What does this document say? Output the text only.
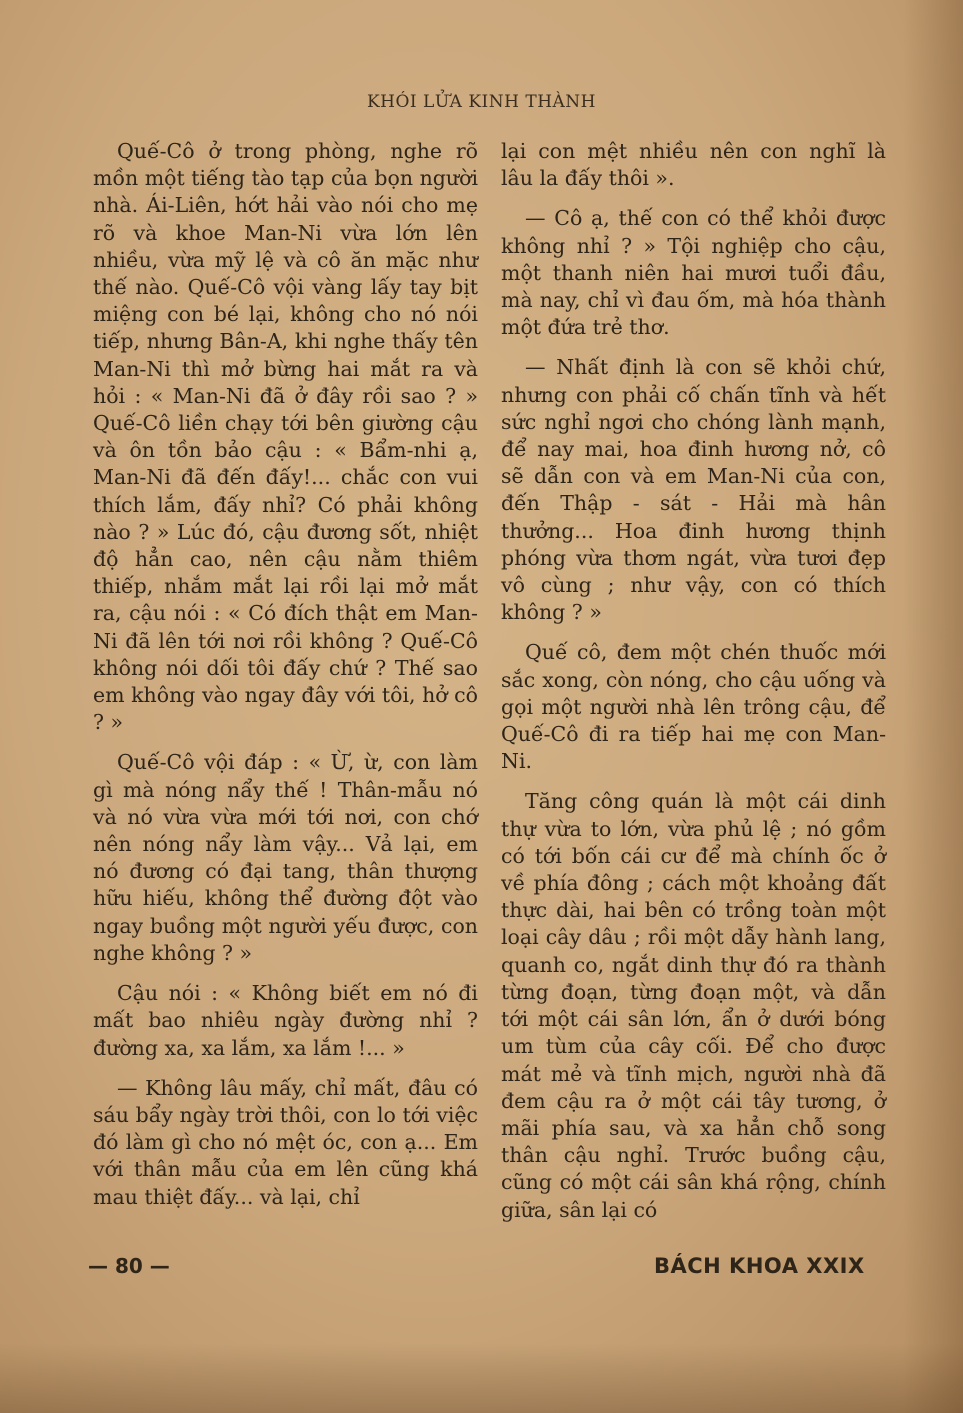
KHÓI LỬA KINH THÀNH

Quế-Cô ở trong phòng, nghe rõ mồn một tiếng tào tạp của bọn người nhà. Ái-Liên, hớt hải vào nói cho mẹ rõ và khoe Man-Ni vừa lớn lên nhiều, vừa mỹ lệ và cô ăn mặc như thế nào. Quế-Cô vội vàng lấy tay bịt miệng con bé lại, không cho nó nói tiếp, nhưng Bân-A, khi nghe thấy tên Man-Ni thì mở bừng hai mắt ra và hỏi : « Man-Ni đã ở đây rồi sao ? » Quế-Cô liền chạy tới bên giường cậu và ôn tồn bảo cậu : « Bẩm-nhi ạ, Man-Ni đã đến đấy!... chắc con vui thích lắm, đấy nhỉ? Có phải không nào ? » Lúc đó, cậu đương sốt, nhiệt độ hẳn cao, nên cậu nằm thiêm thiếp, nhắm mắt lại rồi lại mở mắt ra, cậu nói : « Có đích thật em Man-Ni đã lên tới nơi rồi không ? Quế-Cô không nói dối tôi đấy chứ ? Thế sao em không vào ngay đây với tôi, hở cô ? »

Quế-Cô vội đáp : « Ừ, ừ, con làm gì mà nóng nẩy thế ! Thân-mẫu nó và nó vừa vừa mới tới nơi, con chớ nên nóng nẩy làm vậy... Vả lại, em nó đương có đại tang, thân thượng hữu hiếu, không thể đường đột vào ngay buồng một người yếu được, con nghe không ? »

Cậu nói : « Không biết em nó đi mất bao nhiêu ngày đường nhỉ ? đường xa, xa lắm, xa lắm !... »

— Không lâu mấy, chỉ mất, đâu có sáu bẩy ngày trời thôi, con lo tới việc đó làm gì cho nó mệt óc, con ạ... Em với thân mẫu của em lên cũng khá mau thiệt đấy... và lại, chỉ

lại con mệt nhiều nên con nghĩ là lâu la đấy thôi ».

— Cô ạ, thế con có thể khỏi được không nhỉ ? » Tội nghiệp cho cậu, một thanh niên hai mươi tuổi đầu, mà nay, chỉ vì đau ốm, mà hóa thành một đứa trẻ thơ.

— Nhất định là con sẽ khỏi chứ, nhưng con phải cố chấn tĩnh và hết sức nghỉ ngơi cho chóng lành mạnh, để nay mai, hoa đinh hương nở, cô sẽ dẫn con và em Man-Ni của con, đến Thập - sát - Hải mà hân thưởng... Hoa đinh hương thịnh phóng vừa thơm ngát, vừa tươi đẹp vô cùng ; như vậy, con có thích không ? »

Quế cô, đem một chén thuốc mới sắc xong, còn nóng, cho cậu uống và gọi một người nhà lên trông cậu, để Quế-Cô đi ra tiếp hai mẹ con Man-Ni.

Tăng công quán là một cái dinh thự vừa to lớn, vừa phủ lệ ; nó gồm có tới bốn cái cư để mà chính ốc ở về phía đông ; cách một khoảng đất thực dài, hai bên có trồng toàn một loại cây dâu ; rồi một dẫy hành lang, quanh co, ngắt dinh thự đó ra thành từng đoạn, từng đoạn một, và dẫn tới một cái sân lớn, ẩn ở dưới bóng um tùm của cây cối. Để cho được mát mẻ và tĩnh mịch, người nhà đã đem cậu ra ở một cái tây tương, ở mãi phía sau, và xa hẳn chỗ song thân cậu nghỉ. Trước buồng cậu, cũng có một cái sân khá rộng, chính giữa, sân lại có

— 80 —	BÁCH KHOA XXIX
